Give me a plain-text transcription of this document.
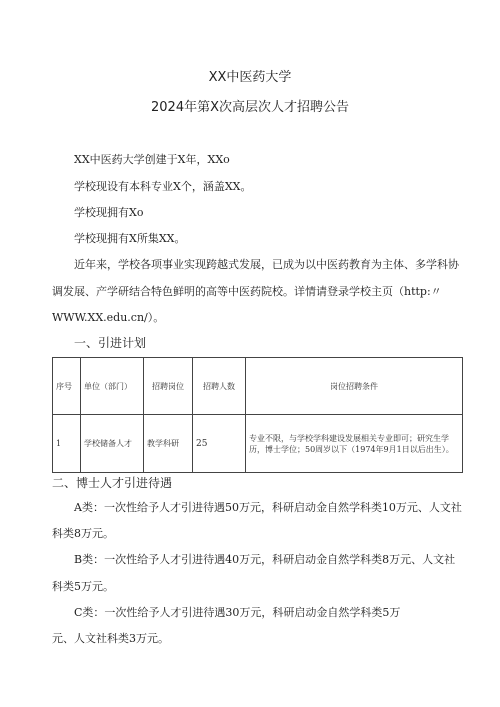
XX中医药大学
2024年第X次高层次人才招聘公告
XX中医药大学创建于X年，XXo
学校现设有本科专业X个，涵盖XX。
学校现拥有Xo
学校现拥有X所集XX。
近年来，学校各项事业实现跨越式发展，已成为以中医药教育为主体、多学科协
调发展、产学研结合特色鲜明的高等中医药院校。详情请登录学校主页（http:〃
WWW.XX.edu.cn/）。
一、引进计划
序号	单位（部门）	招聘岗位	招聘人数	岗位招聘条件
1	学校储备人才	教学科研	25	专业不限，与学校学科建设发展相关专业即可；研究生学历，博士学位；50周岁以下（1974年9月1日以后出生）。
二、博士人才引进待遇
A类：一次性给予人才引进待遇50万元，科研启动金自然学科类10万元、人文社
科类8万元。
B类：一次性给予人才引进待遇40万元，科研启动金自然学科类8万元、人文社
科类5万元。
C类：一次性给予人才引进待遇30万元，科研启动金自然学科类5万
元、人文社科类3万元。
